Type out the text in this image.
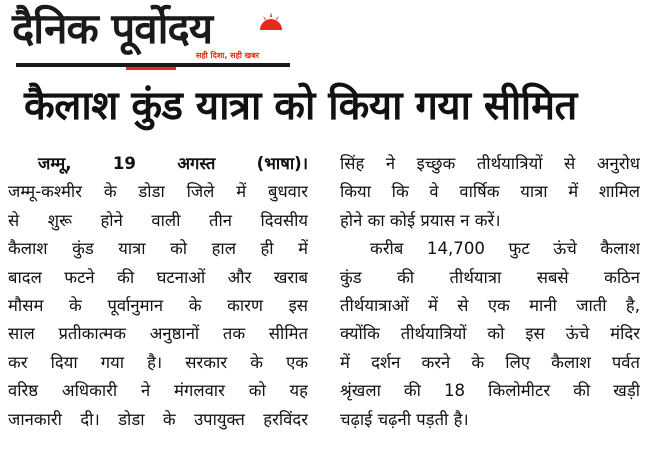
दैनिक पूर्वोदय
सही दिशा, सही खबर
कैलाश कुंड यात्रा को किया गया सीमित
जम्मू, 19 अगस्त (भाषा)।
जम्मू-कश्मीर के डोडा जिले में बुधवार
से शुरू होने वाली तीन दिवसीय
कैलाश कुंड यात्रा को हाल ही में
बादल फटने की घटनाओं और खराब
मौसम के पूर्वानुमान के कारण इस
साल प्रतीकात्मक अनुष्ठानों तक सीमित
कर दिया गया है। सरकार के एक
वरिष्ठ अधिकारी ने मंगलवार को यह
जानकारी दी। डोडा के उपायुक्त हरविंदर
सिंह ने इच्छुक तीर्थयात्रियों से अनुरोध
किया कि वे वार्षिक यात्रा में शामिल
होने का कोई प्रयास न करें।
करीब 14,700 फुट ऊंचे कैलाश
कुंड की तीर्थयात्रा सबसे कठिन
तीर्थयात्राओं में से एक मानी जाती है,
क्योंकि तीर्थयात्रियों को इस ऊंचे मंदिर
में दर्शन करने के लिए कैलाश पर्वत
श्रृंखला की 18 किलोमीटर की खड़ी
चढ़ाई चढ़नी पड़ती है।
